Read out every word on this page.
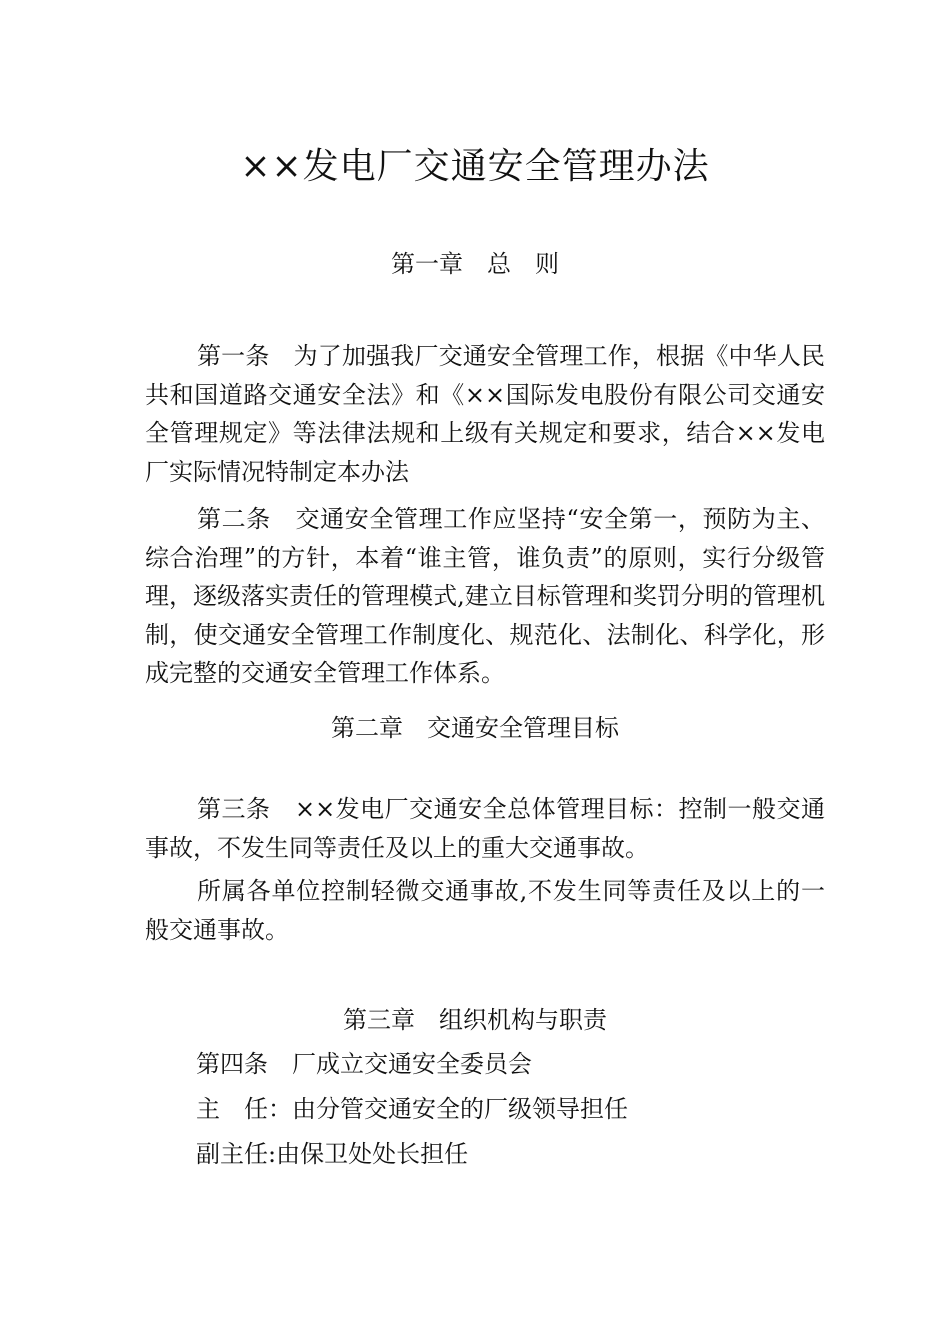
××发电厂交通安全管理办法
第一章　总　则

第一条　为了加强我厂交通安全管理工作，根据《中华人民共和国道路交通安全法》和《××国际发电股份有限公司交通安全管理规定》等法律法规和上级有关规定和要求，结合××发电厂实际情况特制定本办法

第二条　交通安全管理工作应坚持“安全第一，预防为主、综合治理”的方针，本着“谁主管，谁负责”的原则，实行分级管理，逐级落实责任的管理模式,建立目标管理和奖罚分明的管理机制，使交通安全管理工作制度化、规范化、法制化、科学化，形成完整的交通安全管理工作体系。

第二章　交通安全管理目标

第三条　××发电厂交通安全总体管理目标：控制一般交通事故，不发生同等责任及以上的重大交通事故。

所属各单位控制轻微交通事故,不发生同等责任及以上的一般交通事故。

第三章　组织机构与职责
第四条　厂成立交通安全委员会
主　任：由分管交通安全的厂级领导担任
副主任:由保卫处处长担任
